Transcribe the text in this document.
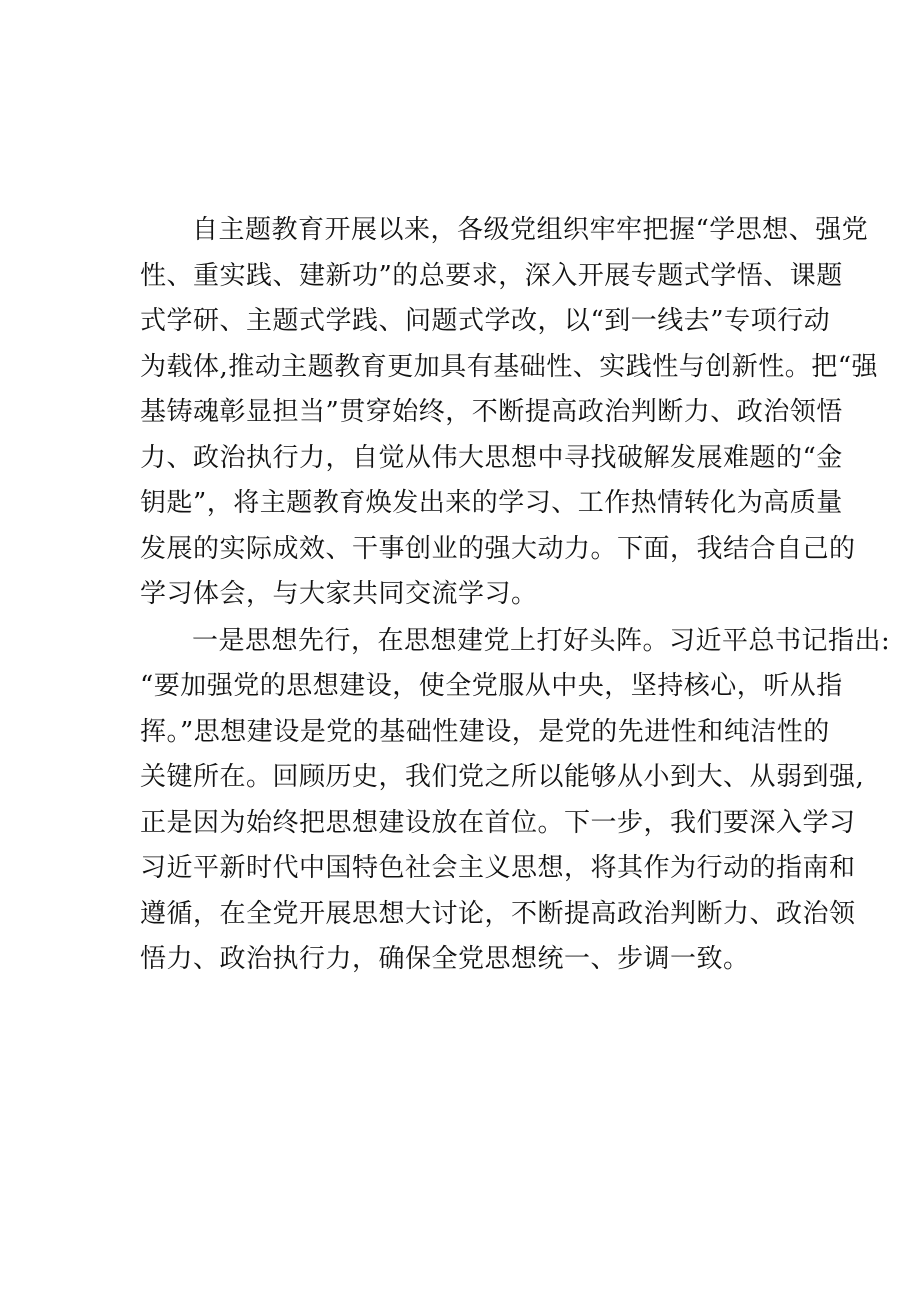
自主题教育开展以来，各级党组织牢牢把握“学思想、强党
性、重实践、建新功”的总要求，深入开展专题式学悟、课题
式学研、主题式学践、问题式学改，以“到一线去”专项行动
为载体,推动主题教育更加具有基础性、实践性与创新性。把“强
基铸魂彰显担当”贯穿始终，不断提高政治判断力、政治领悟
力、政治执行力，自觉从伟大思想中寻找破解发展难题的“金
钥匙”，将主题教育焕发出来的学习、工作热情转化为高质量
发展的实际成效、干事创业的强大动力。下面，我结合自己的
学习体会，与大家共同交流学习。
一是思想先行，在思想建党上打好头阵。习近平总书记指出:
“要加强党的思想建设，使全党服从中央，坚持核心，听从指
挥。”思想建设是党的基础性建设，是党的先进性和纯洁性的
关键所在。回顾历史，我们党之所以能够从小到大、从弱到强,
正是因为始终把思想建设放在首位。下一步，我们要深入学习
习近平新时代中国特色社会主义思想，将其作为行动的指南和
遵循，在全党开展思想大讨论，不断提高政治判断力、政治领
悟力、政治执行力，确保全党思想统一、步调一致。
